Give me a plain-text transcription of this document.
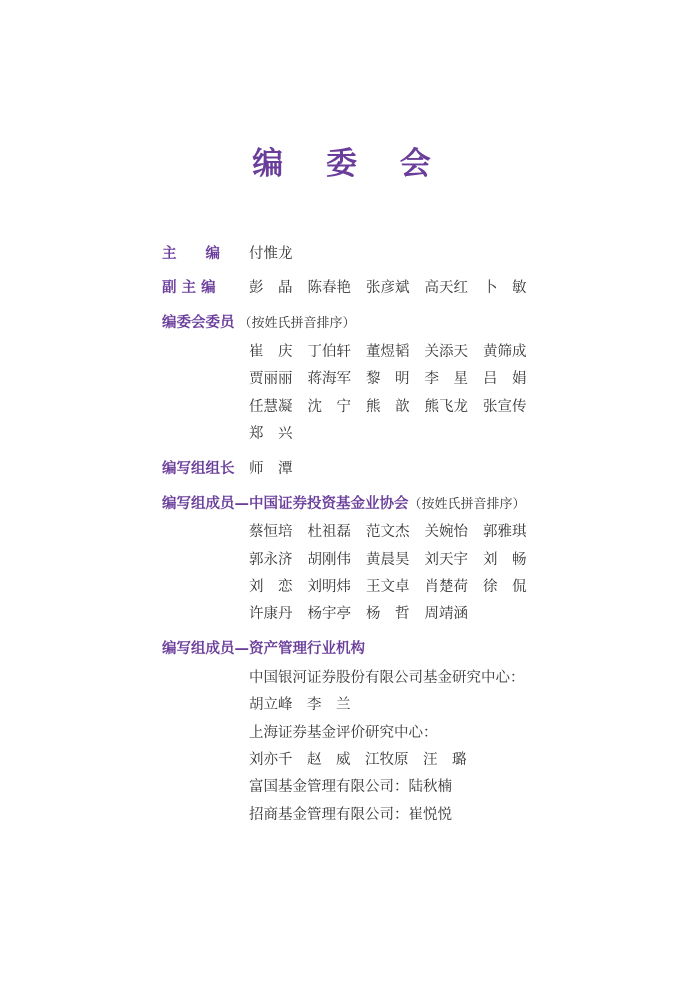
编 委 会
主　　编 付惟龙
副 主 编 彭　晶 陈春艳 张彦斌 高天红 卜　敏
编委会委员 （按姓氏拼音排序）
崔　庆 丁伯轩 董煜韬 关添天 黄筛成
贾丽丽 蒋海军 黎　明 李　星 吕　娟
任慧凝 沈　宁 熊　歆 熊飞龙 张宣传
郑　兴
编写组组长 师　潭
编写组成员—中国证券投资基金业协会（按姓氏拼音排序）
蔡恒培 杜祖磊 范文杰 关婉怡 郭雅琪
郭永济 胡刚伟 黄晨昊 刘天宇 刘　畅
刘　恋 刘明炜 王文卓 肖楚荷 徐　侃
许康丹 杨宇亭 杨　哲 周靖涵
编写组成员—资产管理行业机构
中国银河证券股份有限公司基金研究中心：
胡立峰　李　兰
上海证券基金评价研究中心：
刘亦千　赵　威　江牧原　汪　璐
富国基金管理有限公司：陆秋楠
招商基金管理有限公司：崔悦悦
